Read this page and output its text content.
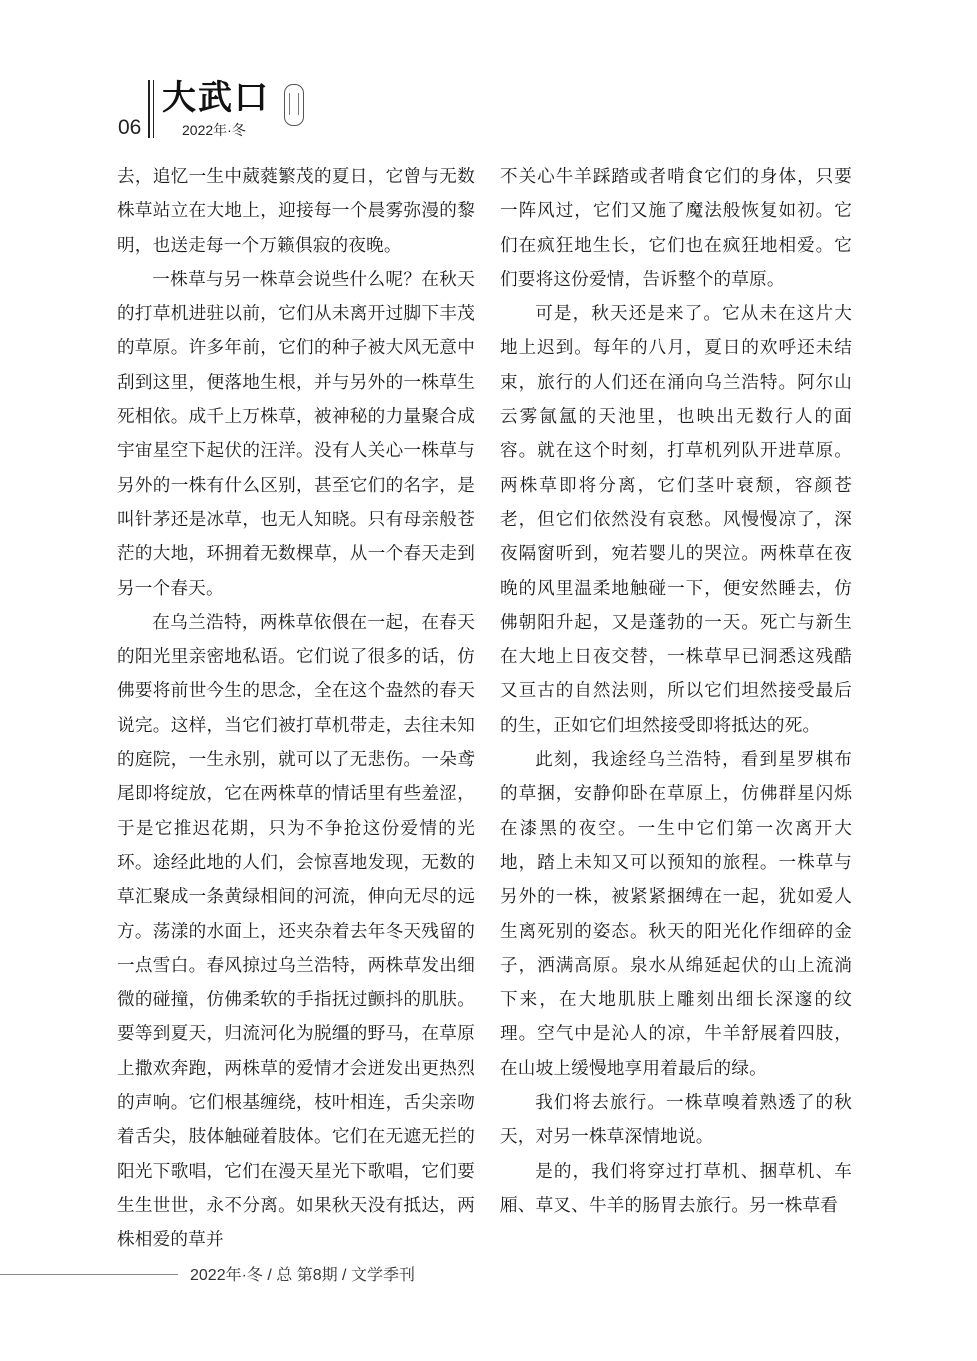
06
大武口
2022年·冬

去，追忆一生中葳蕤繁茂的夏日，它曾与无数株草站立在大地上，迎接每一个晨雾弥漫的黎明，也送走每一个万籁俱寂的夜晚。

一株草与另一株草会说些什么呢？在秋天的打草机进驻以前，它们从未离开过脚下丰茂的草原。许多年前，它们的种子被大风无意中刮到这里，便落地生根，并与另外的一株草生死相依。成千上万株草，被神秘的力量聚合成宇宙星空下起伏的汪洋。没有人关心一株草与另外的一株有什么区别，甚至它们的名字，是叫针茅还是冰草，也无人知晓。只有母亲般苍茫的大地，环拥着无数棵草，从一个春天走到另一个春天。

在乌兰浩特，两株草依偎在一起，在春天的阳光里亲密地私语。它们说了很多的话，仿佛要将前世今生的思念，全在这个盎然的春天说完。这样，当它们被打草机带走，去往未知的庭院，一生永别，就可以了无悲伤。一朵鸢尾即将绽放，它在两株草的情话里有些羞涩，于是它推迟花期，只为不争抢这份爱情的光环。途经此地的人们，会惊喜地发现，无数的草汇聚成一条黄绿相间的河流，伸向无尽的远方。荡漾的水面上，还夹杂着去年冬天残留的一点雪白。春风掠过乌兰浩特，两株草发出细微的碰撞，仿佛柔软的手指抚过颤抖的肌肤。要等到夏天，归流河化为脱缰的野马，在草原上撒欢奔跑，两株草的爱情才会迸发出更热烈的声响。它们根基缠绕，枝叶相连，舌尖亲吻着舌尖，肢体触碰着肢体。它们在无遮无拦的阳光下歌唱，它们在漫天星光下歌唱，它们要生生世世，永不分离。如果秋天没有抵达，两株相爱的草并

不关心牛羊踩踏或者啃食它们的身体，只要一阵风过，它们又施了魔法般恢复如初。它们在疯狂地生长，它们也在疯狂地相爱。它们要将这份爱情，告诉整个的草原。

可是，秋天还是来了。它从未在这片大地上迟到。每年的八月，夏日的欢呼还未结束，旅行的人们还在涌向乌兰浩特。阿尔山云雾氤氲的天池里，也映出无数行人的面容。就在这个时刻，打草机列队开进草原。两株草即将分离，它们茎叶衰颓，容颜苍老，但它们依然没有哀愁。风慢慢凉了，深夜隔窗听到，宛若婴儿的哭泣。两株草在夜晚的风里温柔地触碰一下，便安然睡去，仿佛朝阳升起，又是蓬勃的一天。死亡与新生在大地上日夜交替，一株草早已洞悉这残酷又亘古的自然法则，所以它们坦然接受最后的生，正如它们坦然接受即将抵达的死。

此刻，我途经乌兰浩特，看到星罗棋布的草捆，安静仰卧在草原上，仿佛群星闪烁在漆黑的夜空。一生中它们第一次离开大地，踏上未知又可以预知的旅程。一株草与另外的一株，被紧紧捆缚在一起，犹如爱人生离死别的姿态。秋天的阳光化作细碎的金子，洒满高原。泉水从绵延起伏的山上流淌下来，在大地肌肤上雕刻出细长深邃的纹理。空气中是沁人的凉，牛羊舒展着四肢，在山坡上缓慢地享用着最后的绿。

我们将去旅行。一株草嗅着熟透了的秋天，对另一株草深情地说。

是的，我们将穿过打草机、捆草机、车厢、草叉、牛羊的肠胃去旅行。另一株草看

2022年·冬 / 总 第8期 / 文学季刊
